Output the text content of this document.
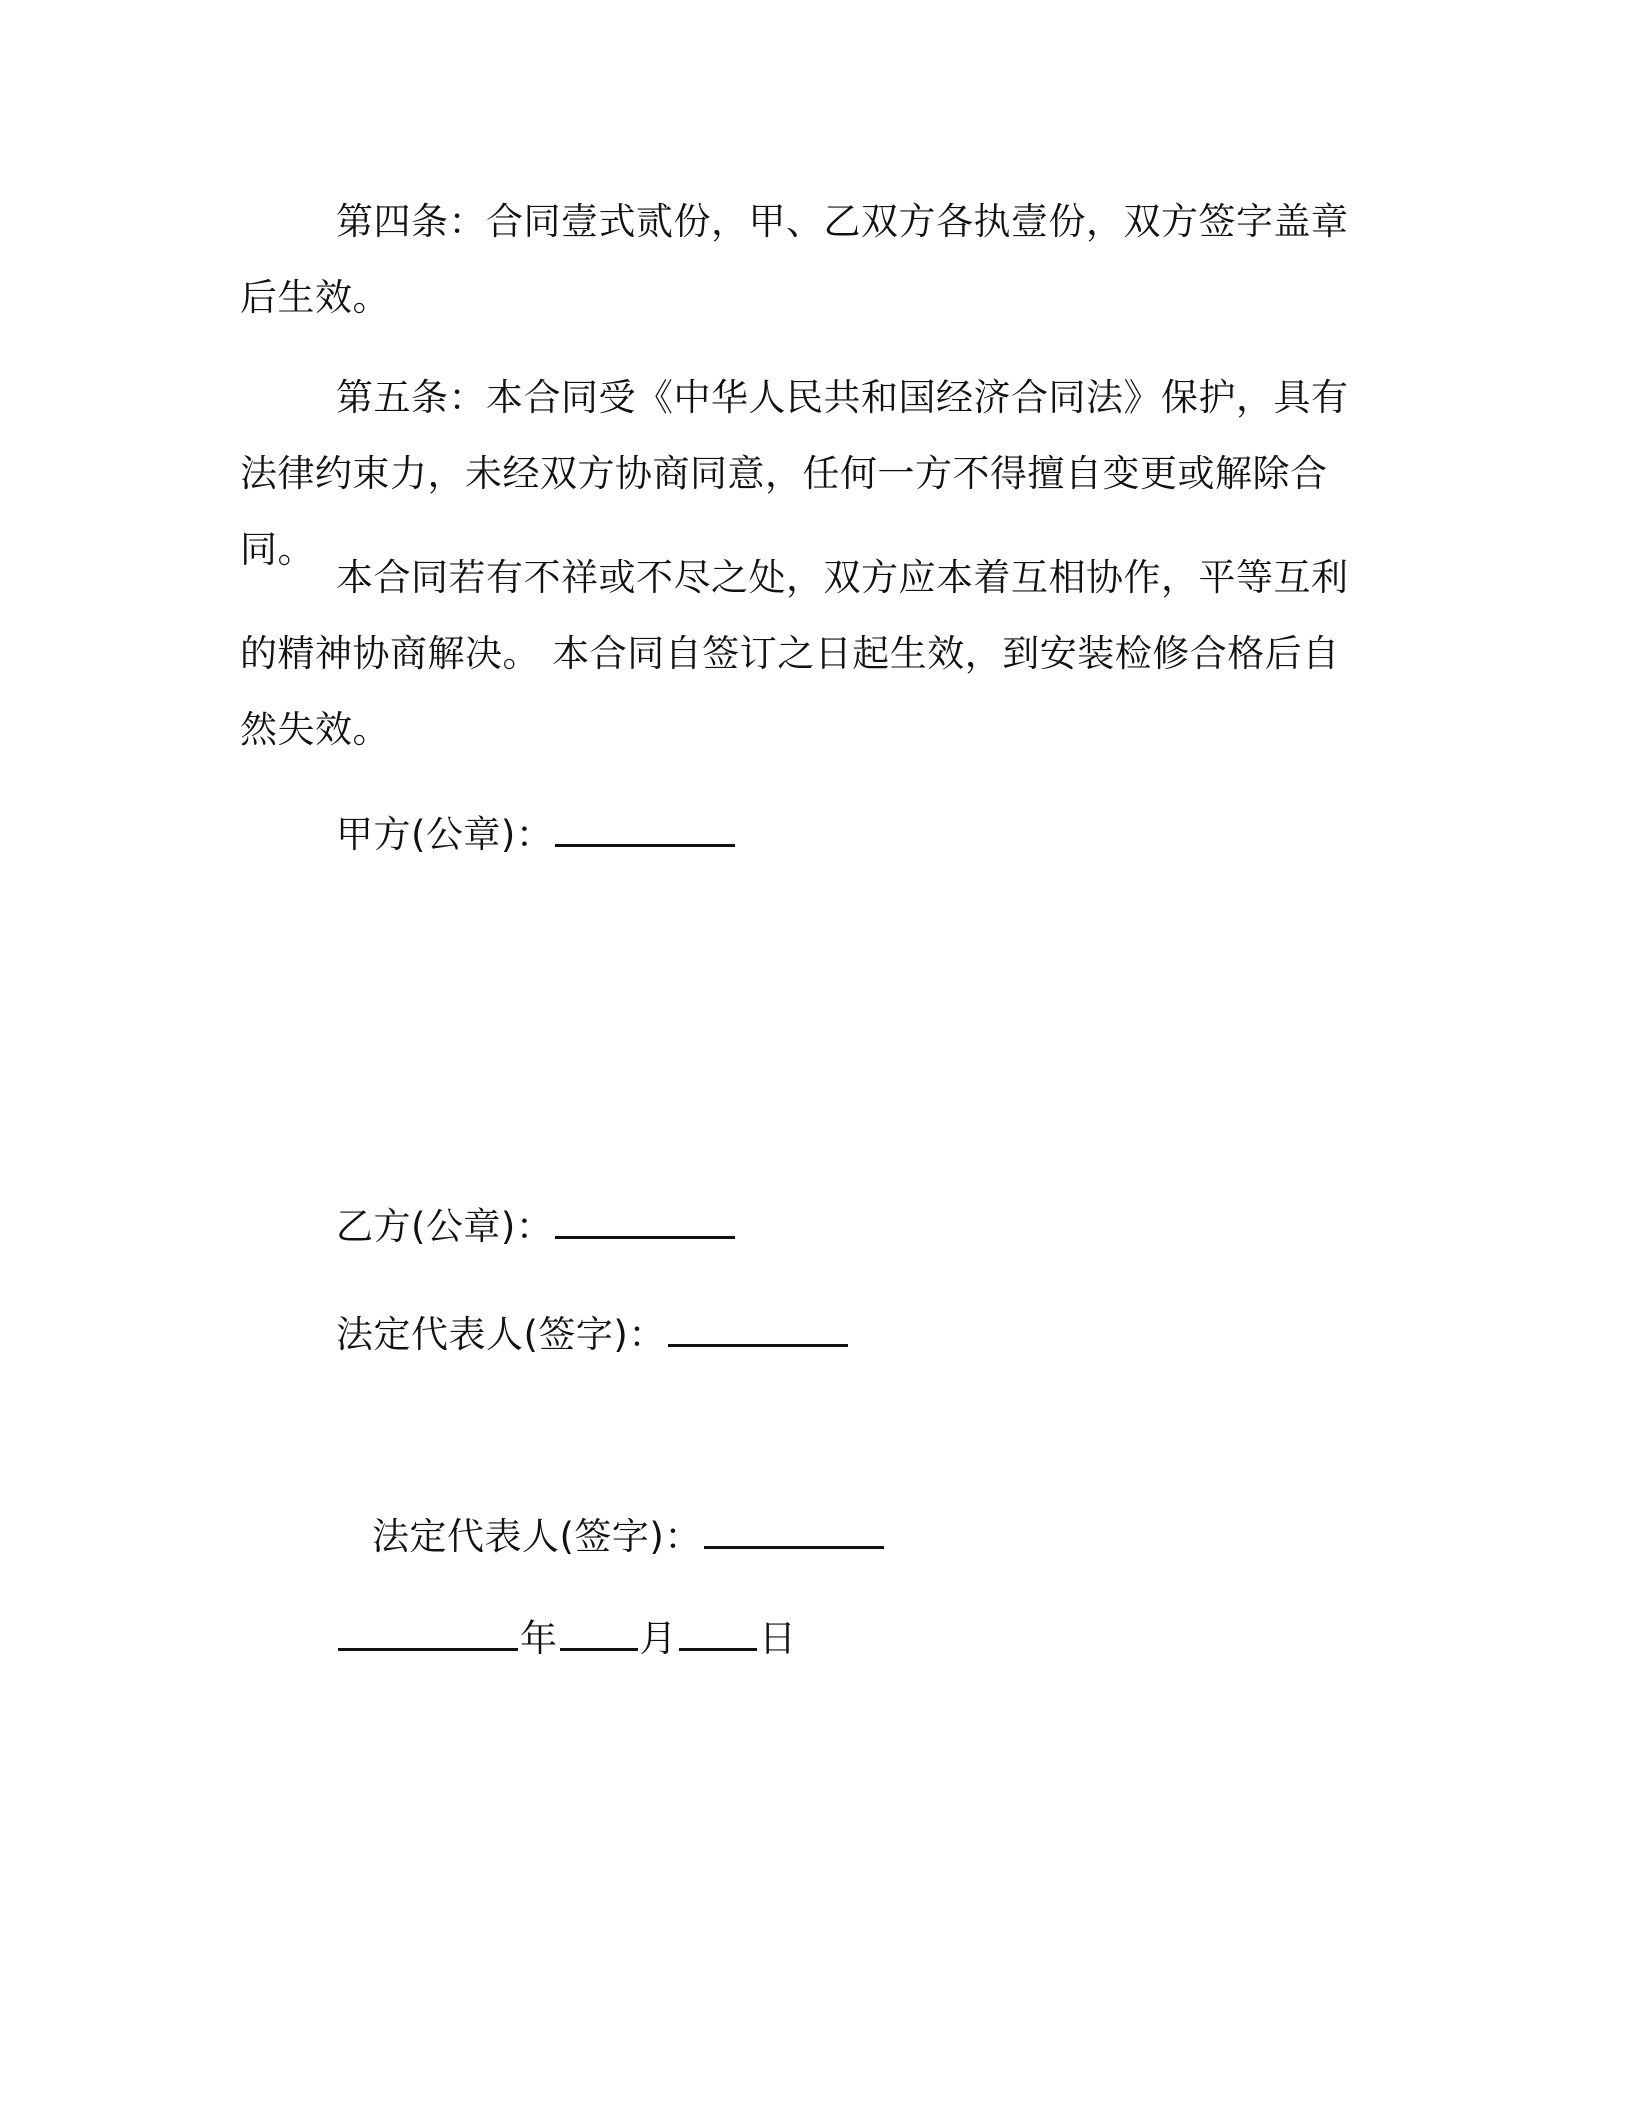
第四条：合同壹式贰份，甲、乙双方各执壹份，双方签字盖章后生效。

第五条：本合同受《中华人民共和国经济合同法》保护，具有法律约束力，未经双方协商同意，任何一方不得擅自变更或解除合同。

本合同若有不祥或不尽之处，双方应本着互相协作，平等互利的精神协商解决。 本合同自签订之日起生效，到安装检修合格后自然失效。

甲方(公章)：
乙方(公章)：
法定代表人(签字)：
法定代表人(签字)：
年 月 日
